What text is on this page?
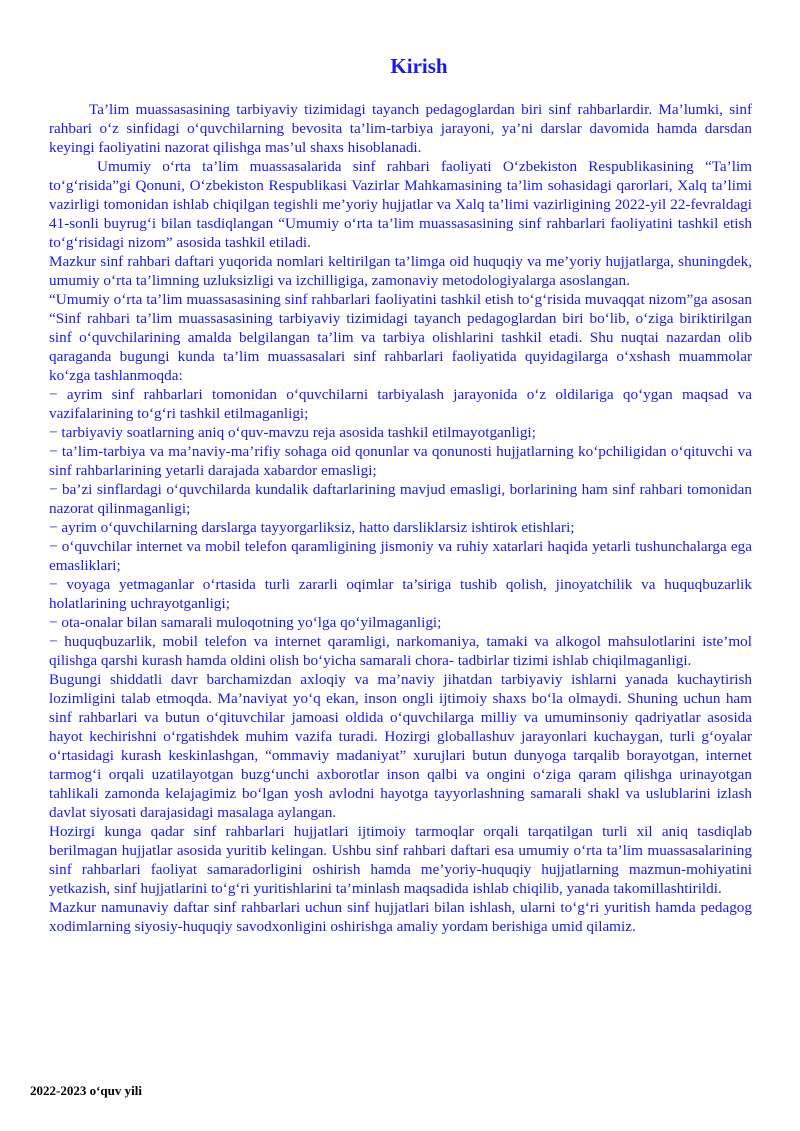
Kirish

Ta’lim muassasasining tarbiyaviy tizimidagi tayanch pedagoglardan biri sinf rahbarlardir. Ma’lumki, sinf rahbari o‘z sinfidagi o‘quvchilarning bevosita ta’lim-tarbiya jarayoni, ya’ni darslar davomida hamda darsdan keyingi faoliyatini nazorat qilishga mas’ul shaxs hisoblanadi.

Umumiy o‘rta ta’lim muassasalarida sinf rahbari faoliyati O‘zbekiston Respublikasining “Ta’lim to‘g‘risida”gi Qonuni, O‘zbekiston Respublikasi Vazirlar Mahkamasining ta’lim sohasidagi qarorlari, Xalq ta’limi vazirligi tomonidan ishlab chiqilgan tegishli me’yoriy hujjatlar va Xalq ta’limi vazirligining 2022-yil 22-fevraldagi 41-sonli buyrug‘i bilan tasdiqlangan “Umumiy o‘rta ta’lim muassasasining sinf rahbarlari faoliyatini tashkil etish to‘g‘risidagi nizom” asosida tashkil etiladi.

Mazkur sinf rahbari daftari yuqorida nomlari keltirilgan ta’limga oid huquqiy va me’yoriy hujjatlarga, shuningdek, umumiy o‘rta ta’limning uzluksizligi va izchilligiga, zamonaviy metodologiyalarga asoslangan.

“Umumiy o‘rta ta’lim muassasasining sinf rahbarlari faoliyatini tashkil etish to‘g‘risida muvaqqat nizom”ga asosan “Sinf rahbari ta’lim muassasasining tarbiyaviy tizimidagi tayanch pedagoglardan biri bo‘lib, o‘ziga biriktirilgan sinf o‘quvchilarining amalda belgilangan ta’lim va tarbiya olishlarini tashkil etadi. Shu nuqtai nazardan olib qaraganda bugungi kunda ta’lim muassasalari sinf rahbarlari faoliyatida quyidagilarga o‘xshash muammolar ko‘zga tashlanmoqda:

− ayrim sinf rahbarlari tomonidan o‘quvchilarni tarbiyalash jarayonida o‘z oldilariga qo‘ygan maqsad va vazifalarining to‘g‘ri tashkil etilmaganligi;

− tarbiyaviy soatlarning aniq o‘quv-mavzu reja asosida tashkil etilmayotganligi;

− ta’lim-tarbiya va ma’naviy-ma’rifiy sohaga oid qonunlar va qonunosti hujjatlarning ko‘pchiligidan o‘qituvchi va sinf rahbarlarining yetarli darajada xabardor emasligi;

− ba’zi sinflardagi o‘quvchilarda kundalik daftarlarining mavjud emasligi, borlarining ham sinf rahbari tomonidan nazorat qilinmaganligi;

− ayrim o‘quvchilarning darslarga tayyorgarliksiz, hatto darsliklarsiz ishtirok etishlari;

− o‘quvchilar internet va mobil telefon qaramligining jismoniy va ruhiy xatarlari haqida yetarli tushunchalarga ega emasliklari;

− voyaga yetmaganlar o‘rtasida turli zararli oqimlar ta’siriga tushib qolish, jinoyatchilik va huquqbuzarlik holatlarining uchrayotganligi;

− ota-onalar bilan samarali muloqotning yo‘lga qo‘yilmaganligi;

− huquqbuzarlik, mobil telefon va internet qaramligi, narkomaniya, tamaki va alkogol mahsulotlarini iste’mol qilishga qarshi kurash hamda oldini olish bo‘yicha samarali chora- tadbirlar tizimi ishlab chiqilmaganligi.

Bugungi shiddatli davr barchamizdan axloqiy va ma’naviy jihatdan tarbiyaviy ishlarni yanada kuchaytirish lozimligini talab etmoqda. Ma’naviyat yo‘q ekan, inson ongli ijtimoiy shaxs bo‘la olmaydi. Shuning uchun ham sinf rahbarlari va butun o‘qituvchilar jamoasi oldida o‘quvchilarga milliy va umuminsoniy qadriyatlar asosida hayot kechirishni o‘rgatishdek muhim vazifa turadi. Hozirgi globallashuv jarayonlari kuchaygan, turli g‘oyalar o‘rtasidagi kurash keskinlashgan, “ommaviy madaniyat” xurujlari butun dunyoga tarqalib borayotgan, internet tarmog‘i orqali uzatilayotgan buzg‘unchi axborotlar inson qalbi va ongini o‘ziga qaram qilishga urinayotgan tahlikali zamonda kelajagimiz bo‘lgan yosh avlodni hayotga tayyorlashning samarali shakl va uslublarini izlash davlat siyosati darajasidagi masalaga aylangan.

Hozirgi kunga qadar sinf rahbarlari hujjatlari ijtimoiy tarmoqlar orqali tarqatilgan turli xil aniq tasdiqlab berilmagan hujjatlar asosida yuritib kelingan. Ushbu sinf rahbari daftari esa umumiy o‘rta ta’lim muassasalarining sinf rahbarlari faoliyat samaradorligini oshirish hamda me’yoriy-huquqiy hujjatlarning mazmun-mohiyatini yetkazish, sinf hujjatlarini to‘g‘ri yuritishlarini ta’minlash maqsadida ishlab chiqilib, yanada takomillashtirildi.

Mazkur namunaviy daftar sinf rahbarlari uchun sinf hujjatlari bilan ishlash, ularni to‘g‘ri yuritish hamda pedagog xodimlarning siyosiy-huquqiy savodxonligini oshirishga amaliy yordam berishiga umid qilamiz.

2022-2023 o‘quv yili
